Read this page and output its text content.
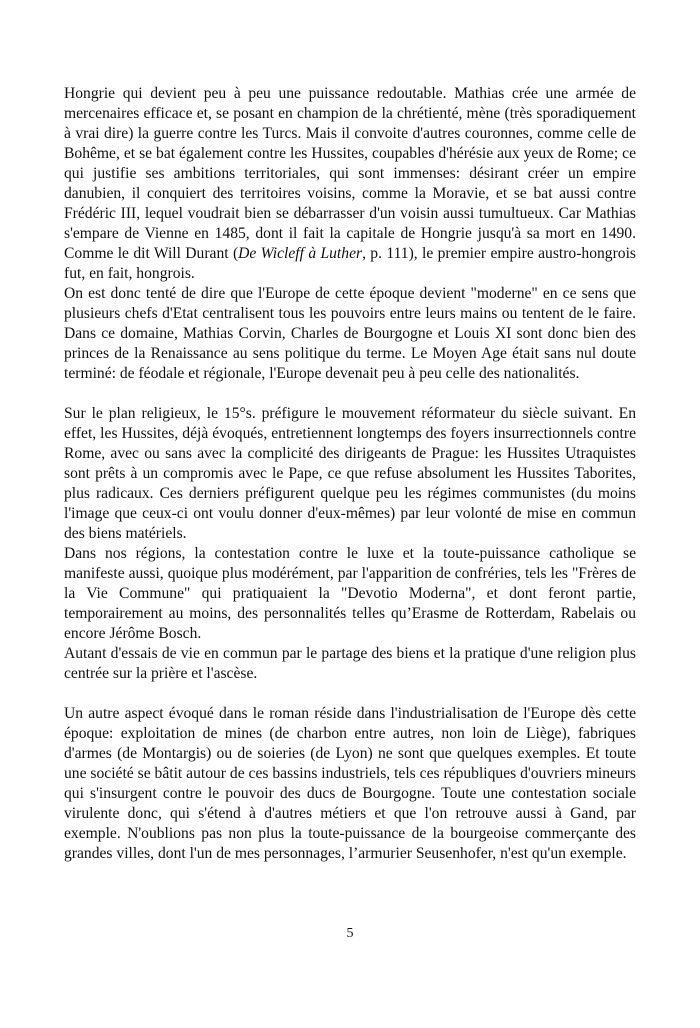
Hongrie qui devient peu à peu une puissance redoutable. Mathias crée une armée de mercenaires efficace et, se posant en champion de la chrétienté, mène (très sporadiquement à vrai dire) la guerre contre les Turcs. Mais il convoite d'autres couronnes, comme celle de Bohême, et se bat également contre les Hussites, coupables d'hérésie aux yeux de Rome; ce qui justifie ses ambitions territoriales, qui sont immenses: désirant créer un empire danubien, il conquiert des territoires voisins, comme la Moravie, et se bat aussi contre Frédéric III, lequel voudrait bien se débarrasser d'un voisin aussi tumultueux. Car Mathias s'empare de Vienne en 1485, dont il fait la capitale de Hongrie jusqu'à sa mort en 1490. Comme le dit Will Durant (De Wicleff à Luther, p. 111), le premier empire austro-hongrois fut, en fait, hongrois.

On est donc tenté de dire que l'Europe de cette époque devient "moderne" en ce sens que plusieurs chefs d'Etat centralisent tous les pouvoirs entre leurs mains ou tentent de le faire. Dans ce domaine, Mathias Corvin, Charles de Bourgogne et Louis XI sont donc bien des princes de la Renaissance au sens politique du terme. Le Moyen Age était sans nul doute terminé: de féodale et régionale, l'Europe devenait peu à peu celle des nationalités.

Sur le plan religieux, le 15°s. préfigure le mouvement réformateur du siècle suivant. En effet, les Hussites, déjà évoqués, entretiennent longtemps des foyers insurrectionnels contre Rome, avec ou sans avec la complicité des dirigeants de Prague: les Hussites Utraquistes sont prêts à un compromis avec le Pape, ce que refuse absolument les Hussites Taborites, plus radicaux. Ces derniers préfigurent quelque peu les régimes communistes (du moins l'image que ceux-ci ont voulu donner d'eux-mêmes) par leur volonté de mise en commun des biens matériels.

Dans nos régions, la contestation contre le luxe et la toute-puissance catholique se manifeste aussi, quoique plus modérément, par l'apparition de confréries, tels les "Frères de la Vie Commune" qui pratiquaient la "Devotio Moderna", et dont feront partie, temporairement au moins, des personnalités telles qu’Erasme de Rotterdam, Rabelais ou encore Jérôme Bosch.

Autant d'essais de vie en commun par le partage des biens et la pratique d'une religion plus centrée sur la prière et l'ascèse.

Un autre aspect évoqué dans le roman réside dans l'industrialisation de l'Europe dès cette époque: exploitation de mines (de charbon entre autres, non loin de Liège), fabriques d'armes (de Montargis) ou de soieries (de Lyon) ne sont que quelques exemples. Et toute une société se bâtit autour de ces bassins industriels, tels ces républiques d'ouvriers mineurs qui s'insurgent contre le pouvoir des ducs de Bourgogne. Toute une contestation sociale virulente donc, qui s'étend à d'autres métiers et que l'on retrouve aussi à Gand, par exemple. N'oublions pas non plus la toute-puissance de la bourgeoise commerçante des grandes villes, dont l'un de mes personnages, l’armurier Seusenhofer, n'est qu'un exemple.

5
